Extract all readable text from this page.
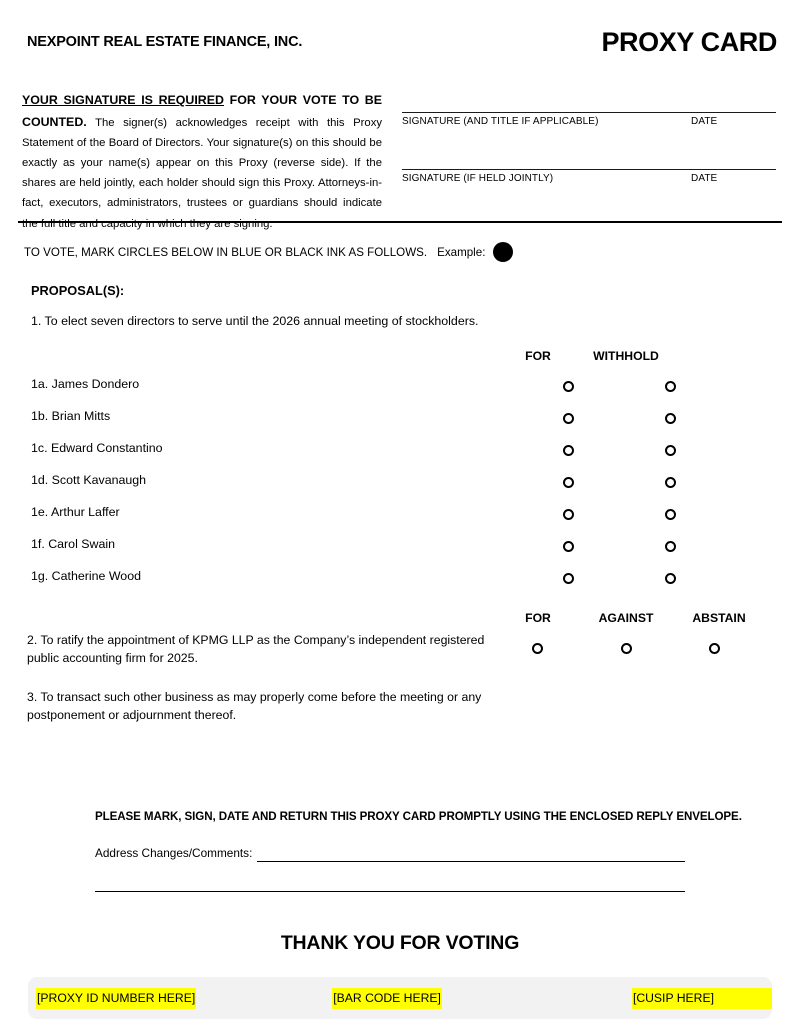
NEXPOINT REAL ESTATE FINANCE, INC.	PROXY CARD
YOUR SIGNATURE IS REQUIRED FOR YOUR VOTE TO BE COUNTED. The signer(s) acknowledges receipt with this Proxy Statement of the Board of Directors. Your signature(s) on this should be exactly as your name(s) appear on this Proxy (reverse side). If the shares are held jointly, each holder should sign this Proxy. Attorneys-in-fact, executors, administrators, trustees or guardians should indicate the full title and capacity in which they are signing.
SIGNATURE (AND TITLE IF APPLICABLE)	DATE
SIGNATURE (IF HELD JOINTLY)	DATE
TO VOTE, MARK CIRCLES BELOW IN BLUE OR BLACK INK AS FOLLOWS. Example:
PROPOSAL(S):
1. To elect seven directors to serve until the 2026 annual meeting of stockholders.
FOR	WITHHOLD
1a. James Dondero
1b. Brian Mitts
1c. Edward Constantino
1d. Scott Kavanaugh
1e. Arthur Laffer
1f. Carol Swain
1g. Catherine Wood
FOR	AGAINST	ABSTAIN
2. To ratify the appointment of KPMG LLP as the Company’s independent registered public accounting firm for 2025.
3. To transact such other business as may properly come before the meeting or any postponement or adjournment thereof.
PLEASE MARK, SIGN, DATE AND RETURN THIS PROXY CARD PROMPTLY USING THE ENCLOSED REPLY ENVELOPE.
Address Changes/Comments:
THANK YOU FOR VOTING
[PROXY ID NUMBER HERE]	[BAR CODE HERE]	[CUSIP HERE]
